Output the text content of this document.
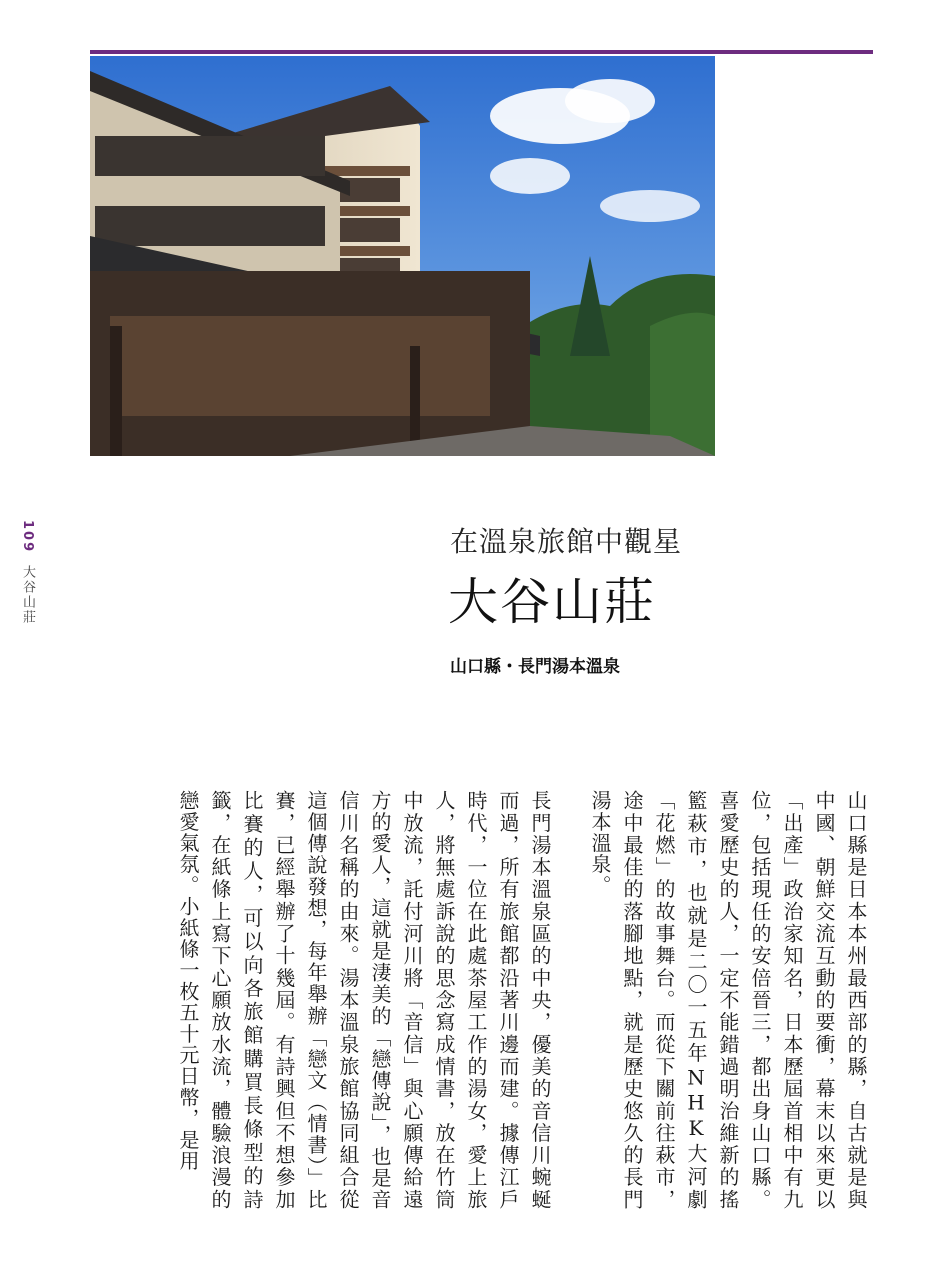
109 大谷山莊
在溫泉旅館中觀星
大谷山莊
山口縣・長門湯本溫泉

山口縣是日本本州最西部的縣，自古就是與中國、朝鮮交流互動的要衝，幕末以來更以「出產」政治家知名，日本歷屆首相中有九位，包括現任的安倍晉三，都出身山口縣。喜愛歷史的人，一定不能錯過明治維新的搖籃萩市，也就是二〇一五年NHK大河劇「花燃」的故事舞台。而從下關前往萩市，途中最佳的落腳地點，就是歷史悠久的長門湯本溫泉。

長門湯本溫泉區的中央，優美的音信川蜿蜒而過，所有旅館都沿著川邊而建。據傳江戶時代，一位在此處茶屋工作的湯女，愛上旅人，將無處訴說的思念寫成情書，放在竹筒中放流，託付河川將「音信」與心願傳給遠方的愛人，這就是淒美的「戀傳說」，也是音信川名稱的由來。湯本溫泉旅館協同組合從這個傳說發想，每年舉辦「戀文（情書）」比賽，已經舉辦了十幾屆。有詩興但不想參加比賽的人，可以向各旅館購買長條型的詩籤，在紙條上寫下心願放水流，體驗浪漫的戀愛氣氛。小紙條一枚五十元日幣，是用
